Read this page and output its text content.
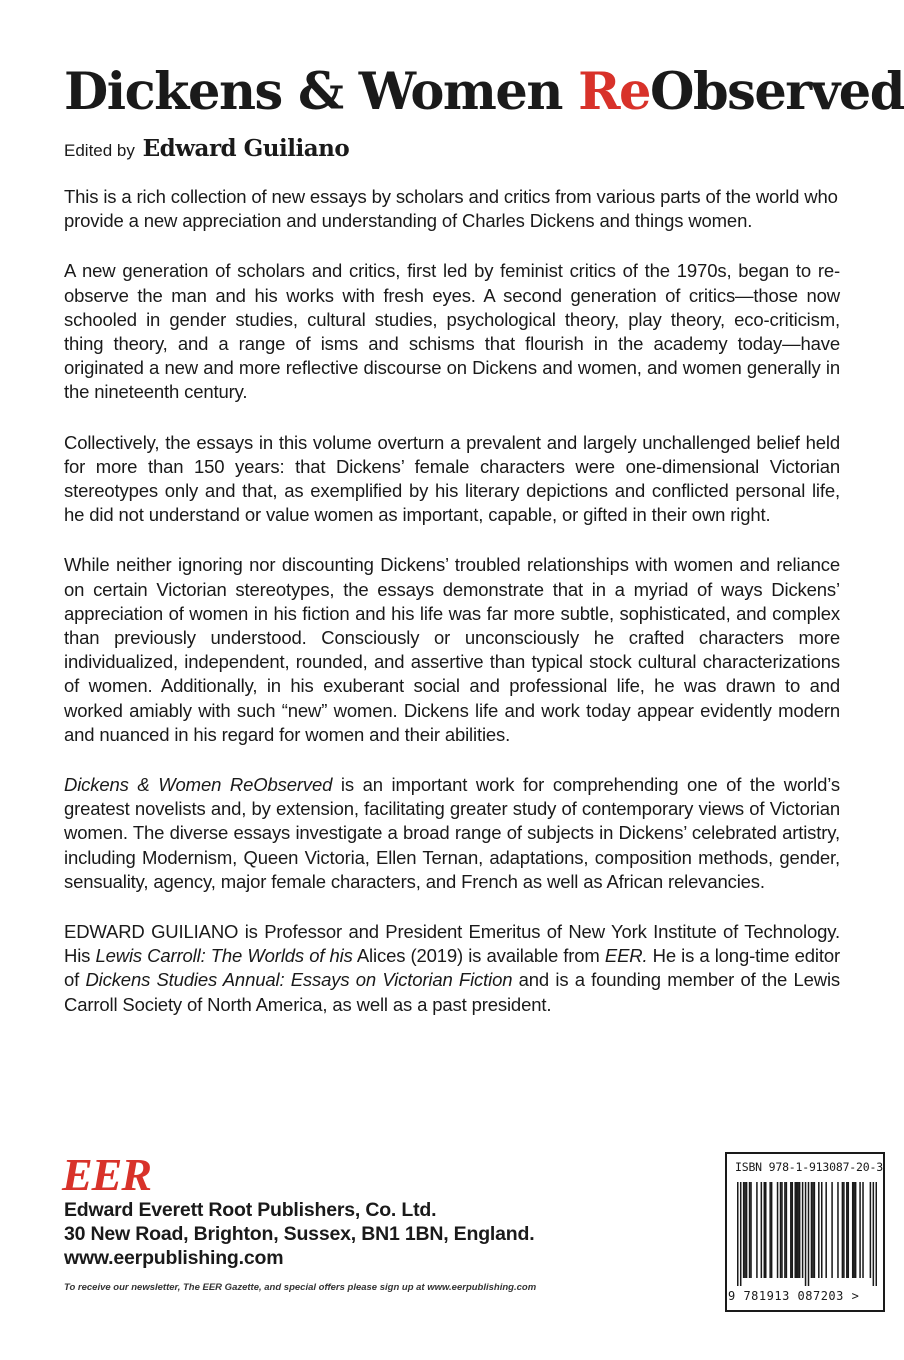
Dickens & Women ReObserved
Edited by Edward Guiliano

This is a rich collection of new essays by scholars and critics from various parts of the world who provide a new appreciation and understanding of Charles Dickens and things women.

A new generation of scholars and critics, first led by feminist critics of the 1970s, began to re-observe the man and his works with fresh eyes. A second generation of critics—those now schooled in gender studies, cultural studies, psychological theory, play theory, eco-criticism, thing theory, and a range of isms and schisms that flourish in the academy today—have originated a new and more reflective discourse on Dickens and women, and women generally in the nineteenth century.

Collectively, the essays in this volume overturn a prevalent and largely unchallenged belief held for more than 150 years: that Dickens’ female characters were one-dimensional Victorian stereotypes only and that, as exemplified by his literary depictions and conflicted personal life, he did not understand or value women as important, capable, or gifted in their own right.

While neither ignoring nor discounting Dickens’ troubled relationships with women and reliance on certain Victorian stereotypes, the essays demonstrate that in a myriad of ways Dickens’ appreciation of women in his fiction and his life was far more subtle, sophisticated, and complex than previously understood. Consciously or unconsciously he crafted characters more individualized, independent, rounded, and assertive than typical stock cultural characterizations of women. Additionally, in his exuberant social and professional life, he was drawn to and worked amiably with such “new” women. Dickens life and work today appear evidently modern and nuanced in his regard for women and their abilities.

Dickens & Women ReObserved is an important work for comprehending one of the world’s greatest novelists and, by extension, facilitating greater study of contemporary views of Victorian women. The diverse essays investigate a broad range of subjects in Dickens’ celebrated artistry, including Modernism, Queen Victoria, Ellen Ternan, adaptations, composition methods, gender, sensuality, agency, major female characters, and French as well as African relevancies.

EDWARD GUILIANO is Professor and President Emeritus of New York Institute of Technology. His Lewis Carroll: The Worlds of his Alices (2019) is available from EER. He is a long-time editor of Dickens Studies Annual: Essays on Victorian Fiction and is a founding member of the Lewis Carroll Society of North America, as well as a past president.

EER
Edward Everett Root Publishers, Co. Ltd.
30 New Road, Brighton, Sussex, BN1 1BN, England.
www.eerpublishing.com
To receive our newsletter, The EER Gazette, and special offers please sign up at www.eerpublishing.com
ISBN 978-1-913087-20-3
9 781913 087203 >
